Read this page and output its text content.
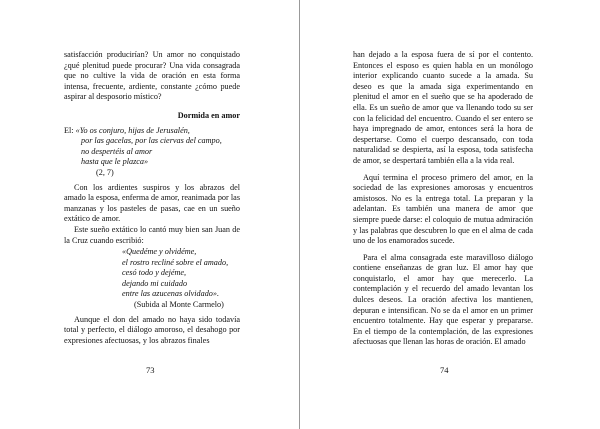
satisfacción producirían? Un amor no conquistado ¿qué plenitud puede procurar? Una vida consagrada que no cultive la vida de oración en esta forma intensa, frecuente, ardiente, constante ¿cómo puede aspirar al desposorio místico?

Dormida en amor

El: «Yo os conjuro, hijas de Jerusalén,
por las gacelas, por las ciervas del campo,
no despertéis al amor
hasta que le plazca»
(2, 7)

Con los ardientes suspiros y los abrazos del amado la esposa, enferma de amor, reanimada por las manzanas y los pasteles de pasas, cae en un sueño extático de amor.

Este sueño extático lo cantó muy bien san Juan de la Cruz cuando escribió:

«Quedéme y olvidéme,
el rostro recliné sobre el amado,
cesó todo y dejéme,
dejando mi cuidado
entre las azucenas olvidado».
(Subida al Monte Carmelo)

Aunque el don del amado no haya sido todavía total y perfecto, el diálogo amoroso, el desahogo por expresiones afectuosas, y los abrazos finales

73

han dejado a la esposa fuera de sí por el contento. Entonces el esposo es quien habla en un monólogo interior explicando cuanto sucede a la amada. Su deseo es que la amada siga experimentando en plenitud el amor en el sueño que se ha apoderado de ella. Es un sueño de amor que va llenando todo su ser con la felicidad del encuentro. Cuando el ser entero se haya impregnado de amor, entonces será la hora de despertarse. Como el cuerpo descansado, con toda naturalidad se despierta, así la esposa, toda satisfecha de amor, se despertará también ella a la vida real.

Aquí termina el proceso primero del amor, en la sociedad de las expresiones amorosas y encuentros amistosos. No es la entrega total. La preparan y la adelantan. Es también una manera de amor que siempre puede darse: el coloquio de mutua admiración y las palabras que descubren lo que en el alma de cada uno de los enamorados sucede.

Para el alma consagrada este maravilloso diálogo contiene enseñanzas de gran luz. El amor hay que conquistarlo, el amor hay que merecerlo. La contemplación y el recuerdo del amado levantan los dulces deseos. La oración afectiva los mantienen, depuran e intensifican. No se da el amor en un primer encuentro totalmente. Hay que esperar y prepararse. En el tiempo de la contemplación, de las expresiones afectuosas que llenan las horas de oración. El amado

74
